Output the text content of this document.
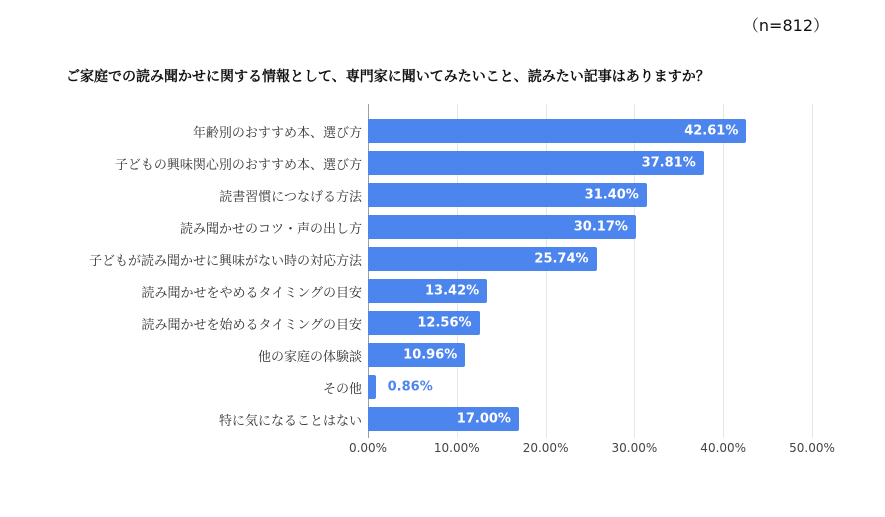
（n=812）
ご家庭での読み聞かせに関する情報として、専門家に聞いてみたいこと、読みたい記事はありますか？
年齢別のおすすめ本、選び方	42.61%
子どもの興味関心別のおすすめ本、選び方	37.81%
読書習慣につなげる方法	31.40%
読み聞かせのコツ・声の出し方	30.17%
子どもが読み聞かせに興味がない時の対応方法	25.74%
読み聞かせをやめるタイミングの目安	13.42%
読み聞かせを始めるタイミングの目安	12.56%
他の家庭の体験談	10.96%
その他	0.86%
特に気になることはない	17.00%
0.00%	10.00%	20.00%	30.00%	40.00%	50.00%
